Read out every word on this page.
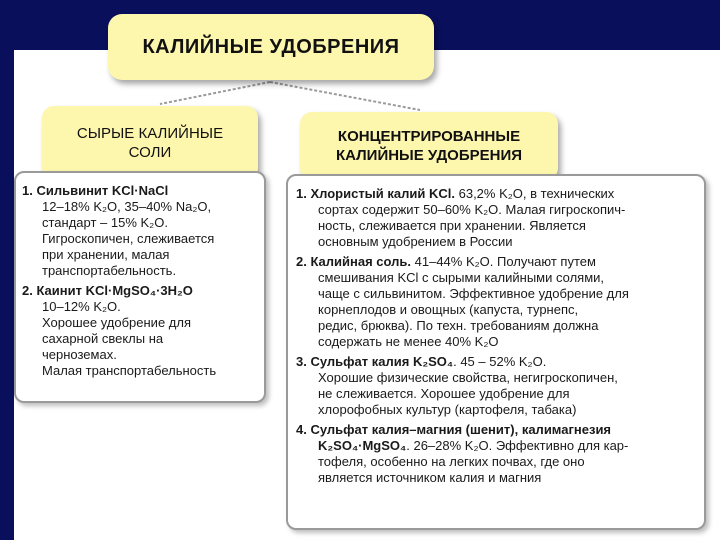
КАЛИЙНЫЕ УДОБРЕНИЯ
СЫРЫЕ КАЛИЙНЫЕ
СОЛИ
КОНЦЕНТРИРОВАННЫЕ
КАЛИЙНЫЕ УДОБРЕНИЯ
1. Сильвинит KCl·NaCl
12–18% K₂O, 35–40% Na₂O,
стандарт – 15% K₂O.
Гигроскопичен, слеживается
при хранении, малая
транспортабельность.
2. Каинит KCl·MgSO₄·3H₂O
10–12% K₂O.
Хорошее удобрение для
сахарной свеклы на
черноземах.
Малая транспортабельность
1. Хлористый калий KCl. 63,2% K₂O, в технических
сортах содержит 50–60% K₂O. Малая гигроскопич-
ность, слеживается при хранении. Является
основным удобрением в России
2. Калийная соль. 41–44% K₂O. Получают путем
смешивания KCl с сырыми калийными солями,
чаще с сильвинитом. Эффективное удобрение для
корнеплодов и овощных (капуста, турнепс,
редис, брюква). По техн. требованиям должна
содержать не менее 40% K₂O
3. Сульфат калия K₂SO₄. 45 – 52% K₂O.
Хорошие физические свойства, негигроскопичен,
не слеживается. Хорошее удобрение для
хлорофобных культур (картофеля, табака)
4. Сульфат калия–магния (шенит), калимагнезия
K₂SO₄·MgSO₄. 26–28% K₂O. Эффективно для кар-
тофеля, особенно на легких почвах, где оно
является источником калия и магния
